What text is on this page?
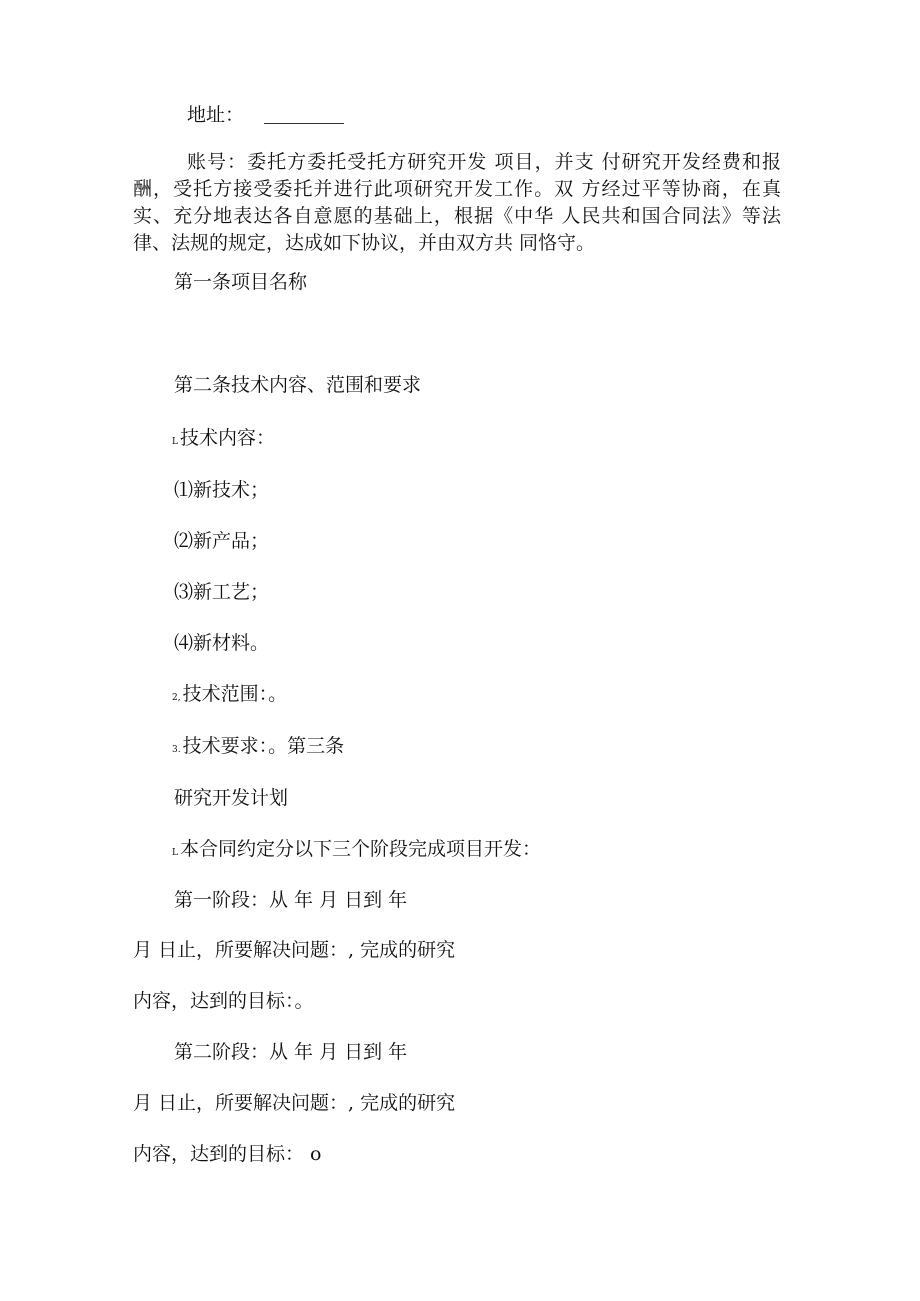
地址：
账号：委托方委托受托方研究开发 项目，并支 付研究开发经费和报酬，受托方接受委托并进行此项研究开发工作。双 方经过平等协商，在真实、充分地表达各自意愿的基础上，根据《中华 人民共和国合同法》等法律、法规的规定，达成如下协议，并由双方共 同恪守。
第一条项目名称
第二条技术内容、范围和要求
L 技术内容：
⑴新技术；
⑵新产品；
⑶新工艺；
⑷新材料。
2, 技术范围：。
3. 技术要求：。第三条
研究开发计划
L 本合同约定分以下三个阶段完成项目开发：
第一阶段：从 年 月 日到 年
月 日止，所要解决问题：, 完成的研究
内容，达到的目标：。
第二阶段：从 年 月 日到 年
月 日止，所要解决问题：, 完成的研究
内容，达到的目标： o
